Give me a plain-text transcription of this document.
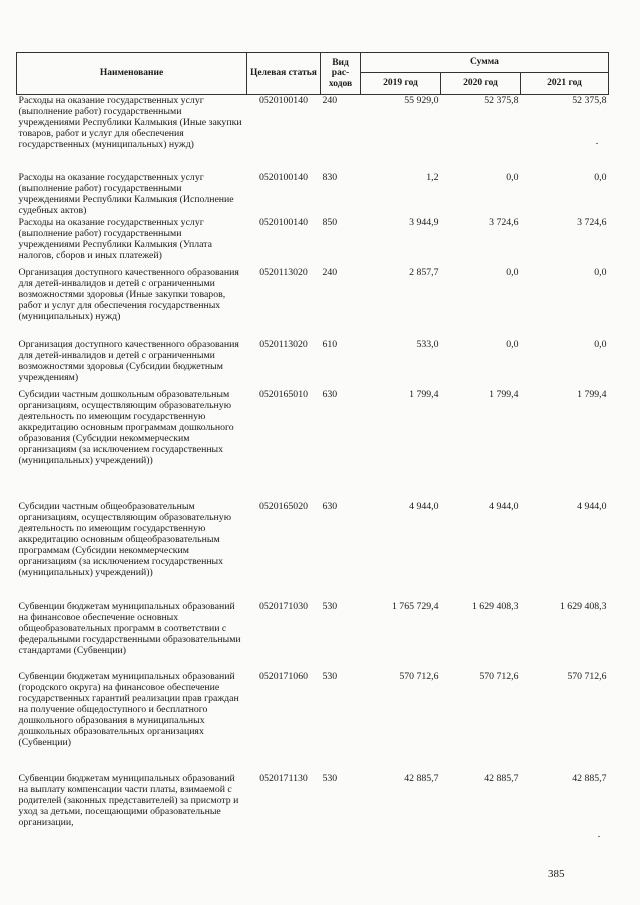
Наименование	Целевая статья	Вид рас-ходов	Сумма		
			2019 год	2020 год	2021 год
Расходы на оказание государственных услуг (выполнение работ) государственными учреждениями Республики Калмыкия (Иные закупки товаров, работ и услуг для обеспечения государственных (муниципальных) нужд)	0520100140	240	55 929,0	52 375,8	52 375,8
Расходы на оказание государственных услуг (выполнение работ) государственными учреждениями Республики Калмыкия (Исполнение судебных актов)	0520100140	830	1,2	0,0	0,0
Расходы на оказание государственных услуг (выполнение работ) государственными учреждениями Республики Калмыкия (Уплата налогов, сборов и иных платежей)	0520100140	850	3 944,9	3 724,6	3 724,6
Организация доступного качественного образования для детей-инвалидов и детей с ограниченными возможностями здоровья (Иные закупки товаров, работ и услуг для обеспечения государственных (муниципальных) нужд)	0520113020	240	2 857,7	0,0	0,0
Организация доступного качественного образования для детей-инвалидов и детей с ограниченными возможностями здоровья (Субсидии бюджетным учреждениям)	0520113020	610	533,0	0,0	0,0
Субсидии частным дошкольным образовательным организациям, осуществляющим образовательную деятельность по имеющим государственную аккредитацию основным программам дошкольного образования (Субсидии некоммерческим организациям (за исключением государственных (муниципальных) учреждений))	0520165010	630	1 799,4	1 799,4	1 799,4
Субсидии частным общеобразовательным организациям, осуществляющим образовательную деятельность по имеющим государственную аккредитацию основным общеобразовательным программам (Субсидии некоммерческим организациям (за исключением государственных (муниципальных) учреждений))	0520165020	630	4 944,0	4 944,0	4 944,0
Субвенции бюджетам муниципальных образований на финансовое обеспечение основных общеобразовательных программ в соответствии с федеральными государственными образовательными стандартами (Субвенции)	0520171030	530	1 765 729,4	1 629 408,3	1 629 408,3
Субвенции бюджетам муниципальных образований (городского округа) на финансовое обеспечение государственных гарантий реализации прав граждан на получение общедоступного и бесплатного дошкольного образования в муниципальных дошкольных образовательных организациях (Субвенции)	0520171060	530	570 712,6	570 712,6	570 712,6
Субвенции бюджетам муниципальных образований на выплату компенсации части платы, взимаемой с родителей (законных представителей) за присмотр и уход за детьми, посещающими образовательные организации,	0520171130	530	42 885,7	42 885,7	42 885,7
385
